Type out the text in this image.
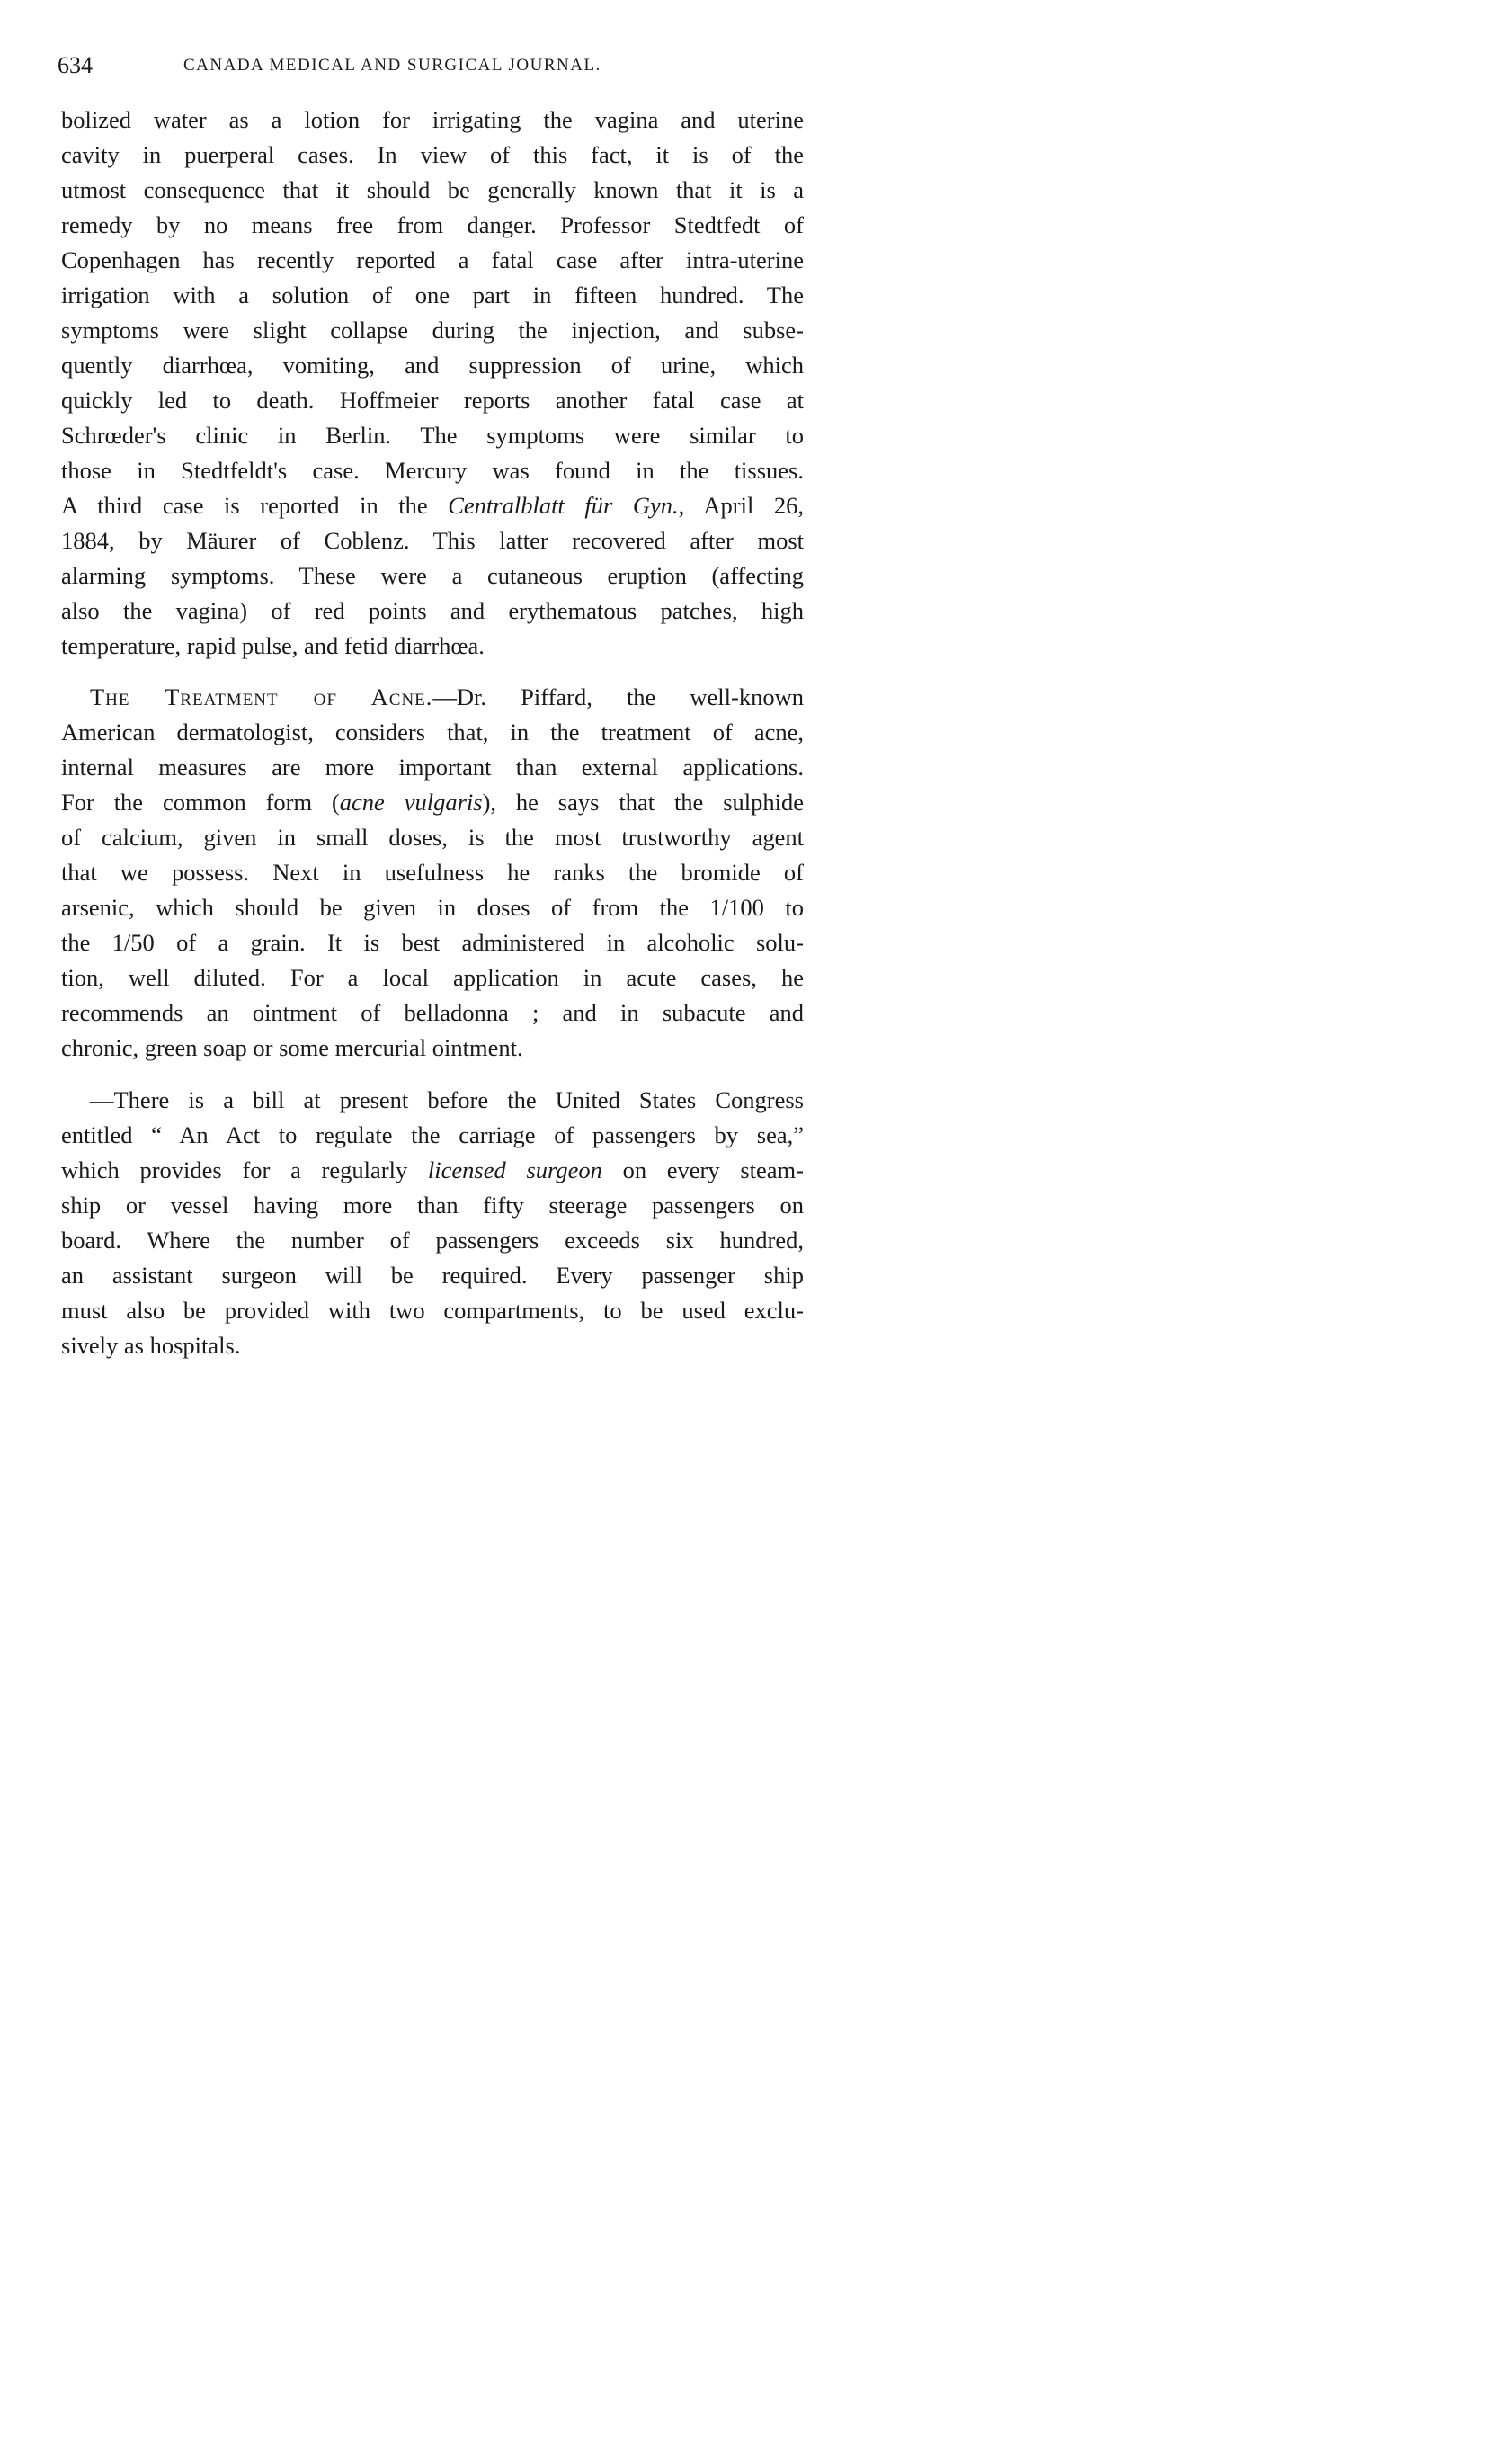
634	CANADA MEDICAL AND SURGICAL JOURNAL.
bolized water as a lotion for irrigating the vagina and uterine
cavity in puerperal cases. In view of this fact, it is of the
utmost consequence that it should be generally known that it is a
remedy by no means free from danger. Professor Stedtfedt of
Copenhagen has recently reported a fatal case after intra-uterine
irrigation with a solution of one part in fifteen hundred. The
symptoms were slight collapse during the injection, and subse-
quently diarrhœa, vomiting, and suppression of urine, which
quickly led to death. Hoffmeier reports another fatal case at
Schrœder's clinic in Berlin. The symptoms were similar to
those in Stedtfeldt's case. Mercury was found in the tissues.
A third case is reported in the Centralblatt für Gyn., April 26,
1884, by Mäurer of Coblenz. This latter recovered after most
alarming symptoms. These were a cutaneous eruption (affecting
also the vagina) of red points and erythematous patches, high
temperature, rapid pulse, and fetid diarrhœa.
The Treatment of Acne.—Dr. Piffard, the well-known
American dermatologist, considers that, in the treatment of acne,
internal measures are more important than external applications.
For the common form (acne vulgaris), he says that the sulphide
of calcium, given in small doses, is the most trustworthy agent
that we possess. Next in usefulness he ranks the bromide of
arsenic, which should be given in doses of from the 1/100 to
the 1/50 of a grain. It is best administered in alcoholic solu-
tion, well diluted. For a local application in acute cases, he
recommends an ointment of belladonna ; and in subacute and
chronic, green soap or some mercurial ointment.
—There is a bill at present before the United States Congress
entitled “ An Act to regulate the carriage of passengers by sea,”
which provides for a regularly licensed surgeon on every steam-
ship or vessel having more than fifty steerage passengers on
board. Where the number of passengers exceeds six hundred,
an assistant surgeon will be required. Every passenger ship
must also be provided with two compartments, to be used exclu-
sively as hospitals.
